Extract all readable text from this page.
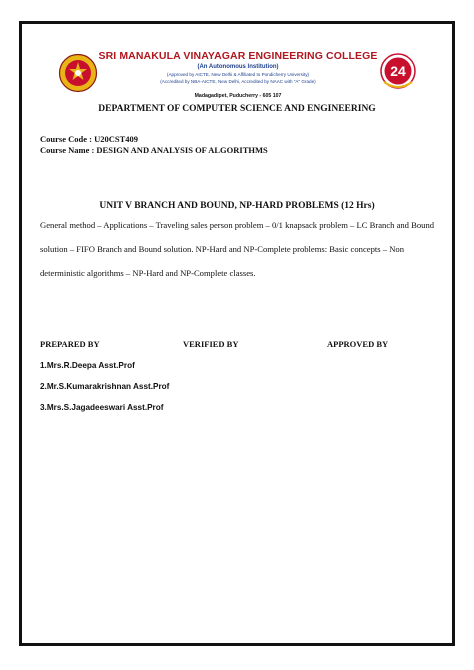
SRI MANAKULA VINAYAGAR ENGINEERING COLLEGE
(An Autonomous Institution)
(Approved by AICTE, New Delhi & Affiliated to Pondicherry University)
(Accredited by NBA-AICTE, New Delhi, Accredited by NAAC with "A" Grade)
Madagadipet, Puducherry - 605 107
24
DEPARTMENT OF COMPUTER SCIENCE AND ENGINEERING
Course Code : U20CST409
Course Name : DESIGN AND ANALYSIS OF ALGORITHMS
UNIT V BRANCH AND BOUND, NP-HARD PROBLEMS (12 Hrs)

General method – Applications – Traveling sales person problem – 0/1 knapsack problem – LC Branch and Bound solution – FIFO Branch and Bound solution. NP-Hard and NP-Complete problems: Basic concepts – Non deterministic algorithms – NP-Hard and NP-Complete classes.

PREPARED BY	VERIFIED BY	APPROVED BY
1.Mrs.R.Deepa Asst.Prof
2.Mr.S.Kumarakrishnan Asst.Prof
3.Mrs.S.Jagadeeswari Asst.Prof
